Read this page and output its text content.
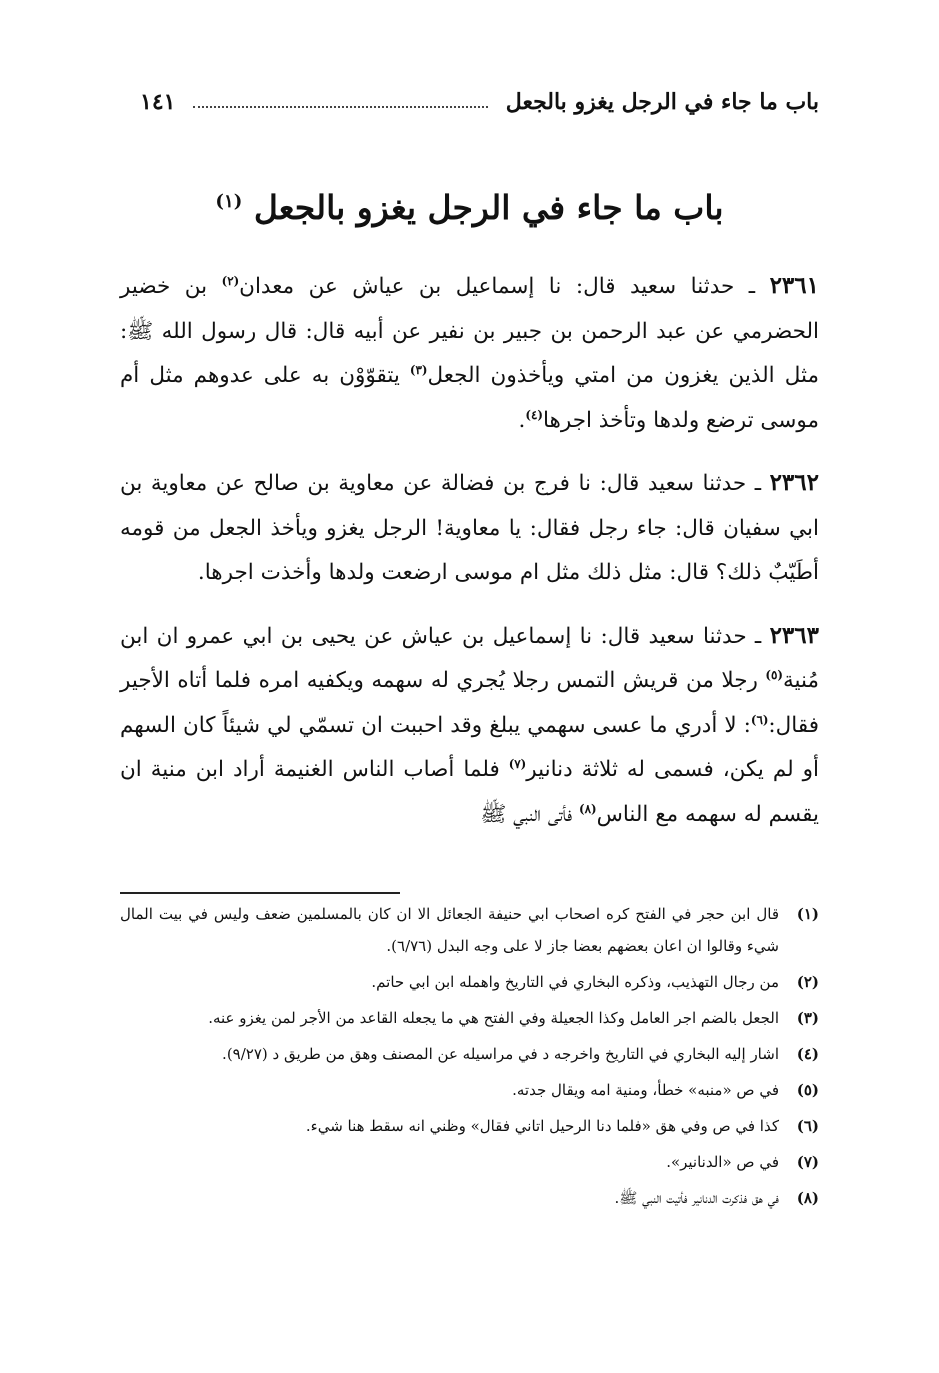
باب ما جاء في الرجل يغزو بالجعل
١٤١
باب ما جاء في الرجل يغزو بالجعل $^{(١)}$

٢٣٦١ ـ حدثنا سعيد قال: نا إسماعيل بن عياش عن معدان$^{(٢)}$ بن خضير الحضرمي عن عبد الرحمن بن جبير بن نفير عن أبيه قال: قال رسول الله ﷺ: مثل الذين يغزون من امتي ويأخذون الجعل$^{(٣)}$ يتقوّوْن به على عدوهم مثل أم موسى ترضع ولدها وتأخذ اجرها$^{(٤)}$.

٢٣٦٢ ـ حدثنا سعيد قال: نا فرج بن فضالة عن معاوية بن صالح عن معاوية بن ابي سفيان قال: جاء رجل فقال: يا معاوية! الرجل يغزو ويأخذ الجعل من قومه أطَيّبٌ ذلك؟ قال: مثل ذلك مثل ام موسى ارضعت ولدها وأخذت اجرها.

٢٣٦٣ ـ حدثنا سعيد قال: نا إسماعيل بن عياش عن يحيى بن ابي عمرو ان ابن مُنية$^{(٥)}$ رجلا من قريش التمس رجلا يُجري له سهمه ويكفيه امره فلما أتاه الأجير فقال:$^{(٦)}$: لا أدري ما عسى سهمي يبلغ وقد احببت ان تسمّي لي شيئاً كان السهم أو لم يكن، فسمى له ثلاثة دنانير$^{(٧)}$ فلما أصاب الناس الغنيمة أراد ابن منية ان يقسم له سهمه مع الناس$^{(٨)}$ فأتى النبي ﷺ

(١)
قال ابن حجر في الفتح كره اصحاب ابي حنيفة الجعائل الا ان كان بالمسلمين ضعف وليس في بيت المال شيء وقالوا ان اعان بعضهم بعضا جاز لا على وجه البدل (٦/٧٦).
(٢)
من رجال التهذيب، وذكره البخاري في التاريخ واهمله ابن ابي حاتم.
(٣)
الجعل بالضم اجر العامل وكذا الجعيلة وفي الفتح هي ما يجعله القاعد من الأجر لمن يغزو عنه.
(٤)
اشار إليه البخاري في التاريخ واخرجه د في مراسيله عن المصنف وهق من طريق د (٩/٢٧).
(٥)
في ص «منبه» خطأ، ومنية امه ويقال جدته.
(٦)
كذا في ص وفي هق «فلما دنا الرحيل اتاني فقال» وظني انه سقط هنا شيء.
(٧)
في ص «الدنانير».
(٨)
في هق فذكرت الدنانير فأتيت النبي ﷺ.
